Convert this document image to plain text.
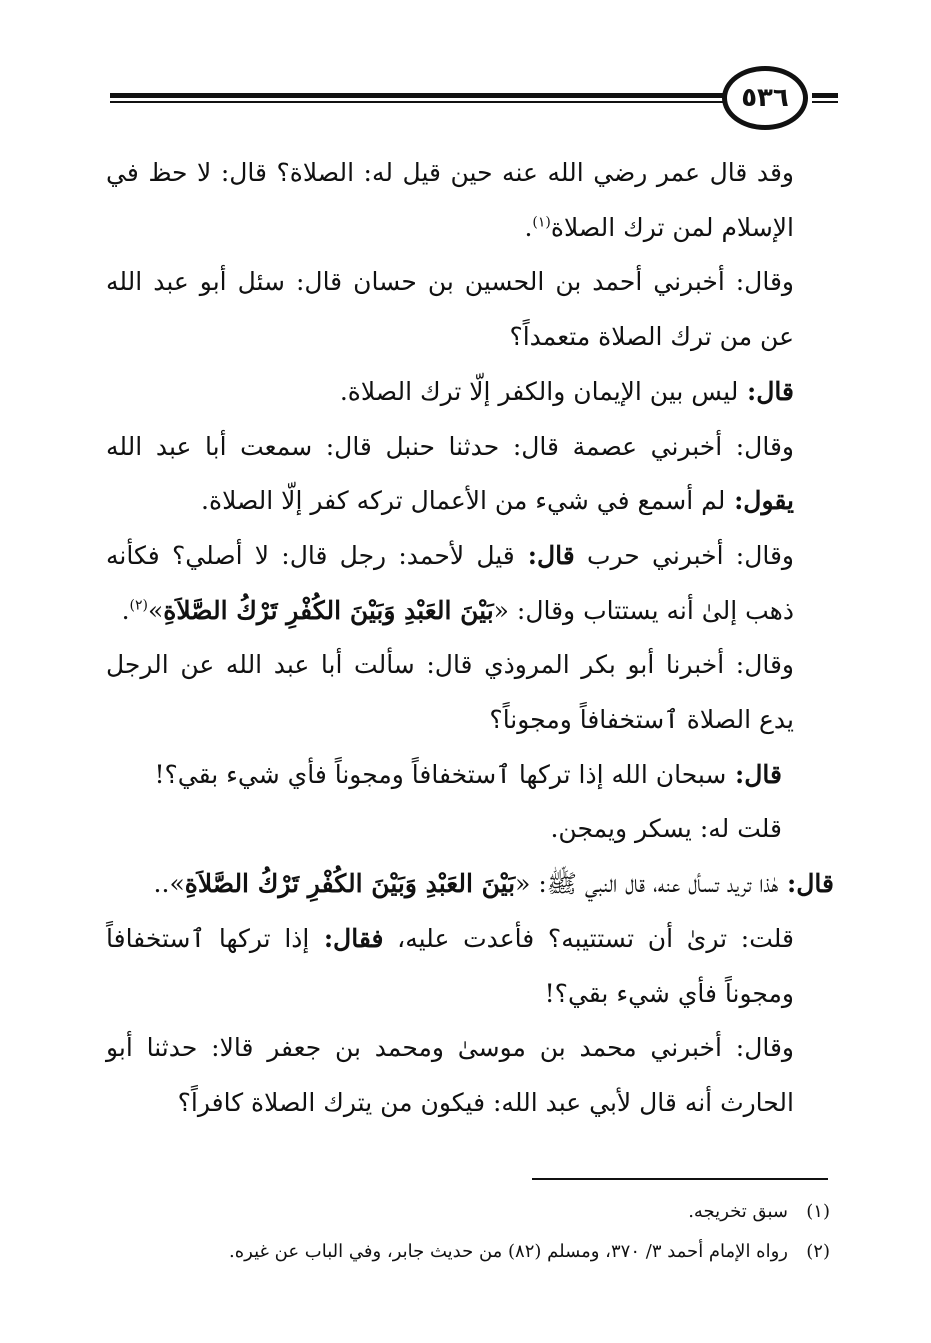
٥٣٦

وقد قال عمر رضي الله عنه حين قيل له: الصلاة؟ قال: لا حظ في الإسلام لمن ترك الصلاة$^{(١)}$.

وقال: أخبرني أحمد بن الحسين بن حسان قال: سئل أبو عبد الله عن من ترك الصلاة متعمداً؟

قال: ليس بين الإيمان والكفر إلّا ترك الصلاة.

وقال: أخبرني عصمة قال: حدثنا حنبل قال: سمعت أبا عبد الله يقول: لم أسمع في شيء من الأعمال تركه كفر إلّا الصلاة.

وقال: أخبرني حرب قال: قيل لأحمد: رجل قال: لا أصلي؟ فكأنه ذهب إلىٰ أنه يستتاب وقال: «بَيْنَ العَبْدِ وَبَيْنَ الكُفْرِ تَرْكُ الصَّلاَةِ»$^{(٢)}$.

وقال: أخبرنا أبو بكر المروذي قال: سألت أبا عبد الله عن الرجل يدع الصلاة ٱستخفافاً ومجوناً؟

قال: سبحان الله إذا تركها ٱستخفافاً ومجوناً فأي شيء بقي؟!

قلت له: يسكر ويمجن.

قال: هٰذا تريد تسأل عنه، قال النبي ﷺ: «بَيْنَ العَبْدِ وَبَيْنَ الكُفْرِ تَرْكُ الصَّلاَةِ»..

قلت: ترىٰ أن تستتيبه؟ فأعدت عليه، فقال: إذا تركها ٱستخفافاً ومجوناً فأي شيء بقي؟!

وقال: أخبرني محمد بن موسىٰ ومحمد بن جعفر قالا: حدثنا أبو الحارث أنه قال لأبي عبد الله: فيكون من يترك الصلاة كافراً؟

(١)سبق تخريجه.

(٢)رواه الإمام أحمد ٣/ ٣٧٠، ومسلم (٨٢) من حديث جابر، وفي الباب عن غيره.
